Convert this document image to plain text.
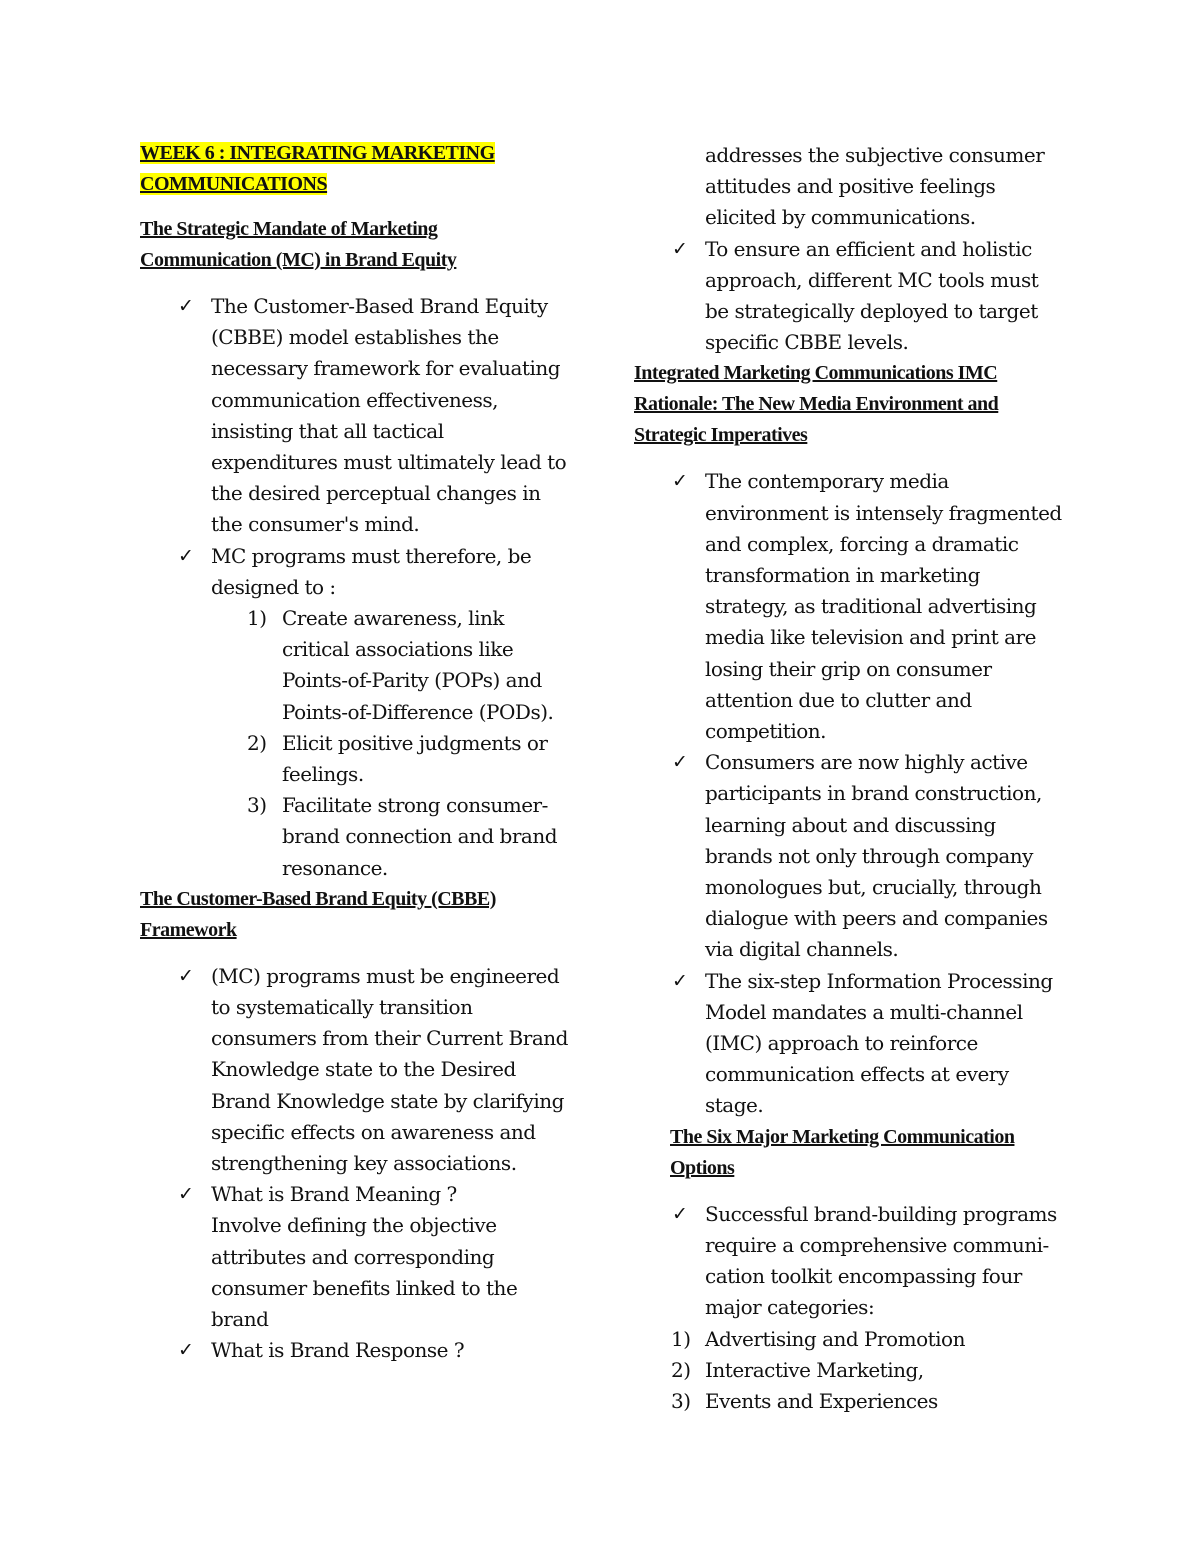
WEEK 6 : INTEGRATING MARKETING COMMUNICATIONS
The Strategic Mandate of Marketing Communication (MC) in Brand Equity
✓ The Customer-Based Brand Equity (CBBE) model establishes the necessary framework for evaluating communication effectiveness, insisting that all tactical expenditures must ultimately lead to the desired perceptual changes in the consumer's mind.
✓ MC programs must therefore, be designed to :
1) Create awareness, link critical associations like Points-of-Parity (POPs) and Points-of-Difference (PODs).
2) Elicit positive judgments or feelings.
3) Facilitate strong consumer-brand connection and brand resonance.
The Customer-Based Brand Equity (CBBE) Framework
✓ (MC) programs must be engineered to systematically transition consumers from their Current Brand Knowledge state to the Desired Brand Knowledge state by clarifying specific effects on awareness and strengthening key associations.
✓ What is Brand Meaning ?
Involve defining the objective attributes and corresponding consumer benefits linked to the brand
✓ What is Brand Response ?
addresses the subjective consumer attitudes and positive feelings elicited by communications.
✓ To ensure an efficient and holistic approach, different MC tools must be strategically deployed to target specific CBBE levels.
Integrated Marketing Communications IMC Rationale: The New Media Environment and Strategic Imperatives
✓ The contemporary media environment is intensely fragmented and complex, forcing a dramatic transformation in marketing strategy, as traditional advertising media like television and print are losing their grip on consumer attention due to clutter and competition.
✓ Consumers are now highly active participants in brand construction, learning about and discussing brands not only through company monologues but, crucially, through dialogue with peers and companies via digital channels.
✓ The six-step Information Processing Model mandates a multi-channel (IMC) approach to reinforce communication effects at every stage.
The Six Major Marketing Communication Options
✓ Successful brand-building programs require a comprehensive communi-cation toolkit encompassing four major categories:
1) Advertising and Promotion
2) Interactive Marketing,
3) Events and Experiences
